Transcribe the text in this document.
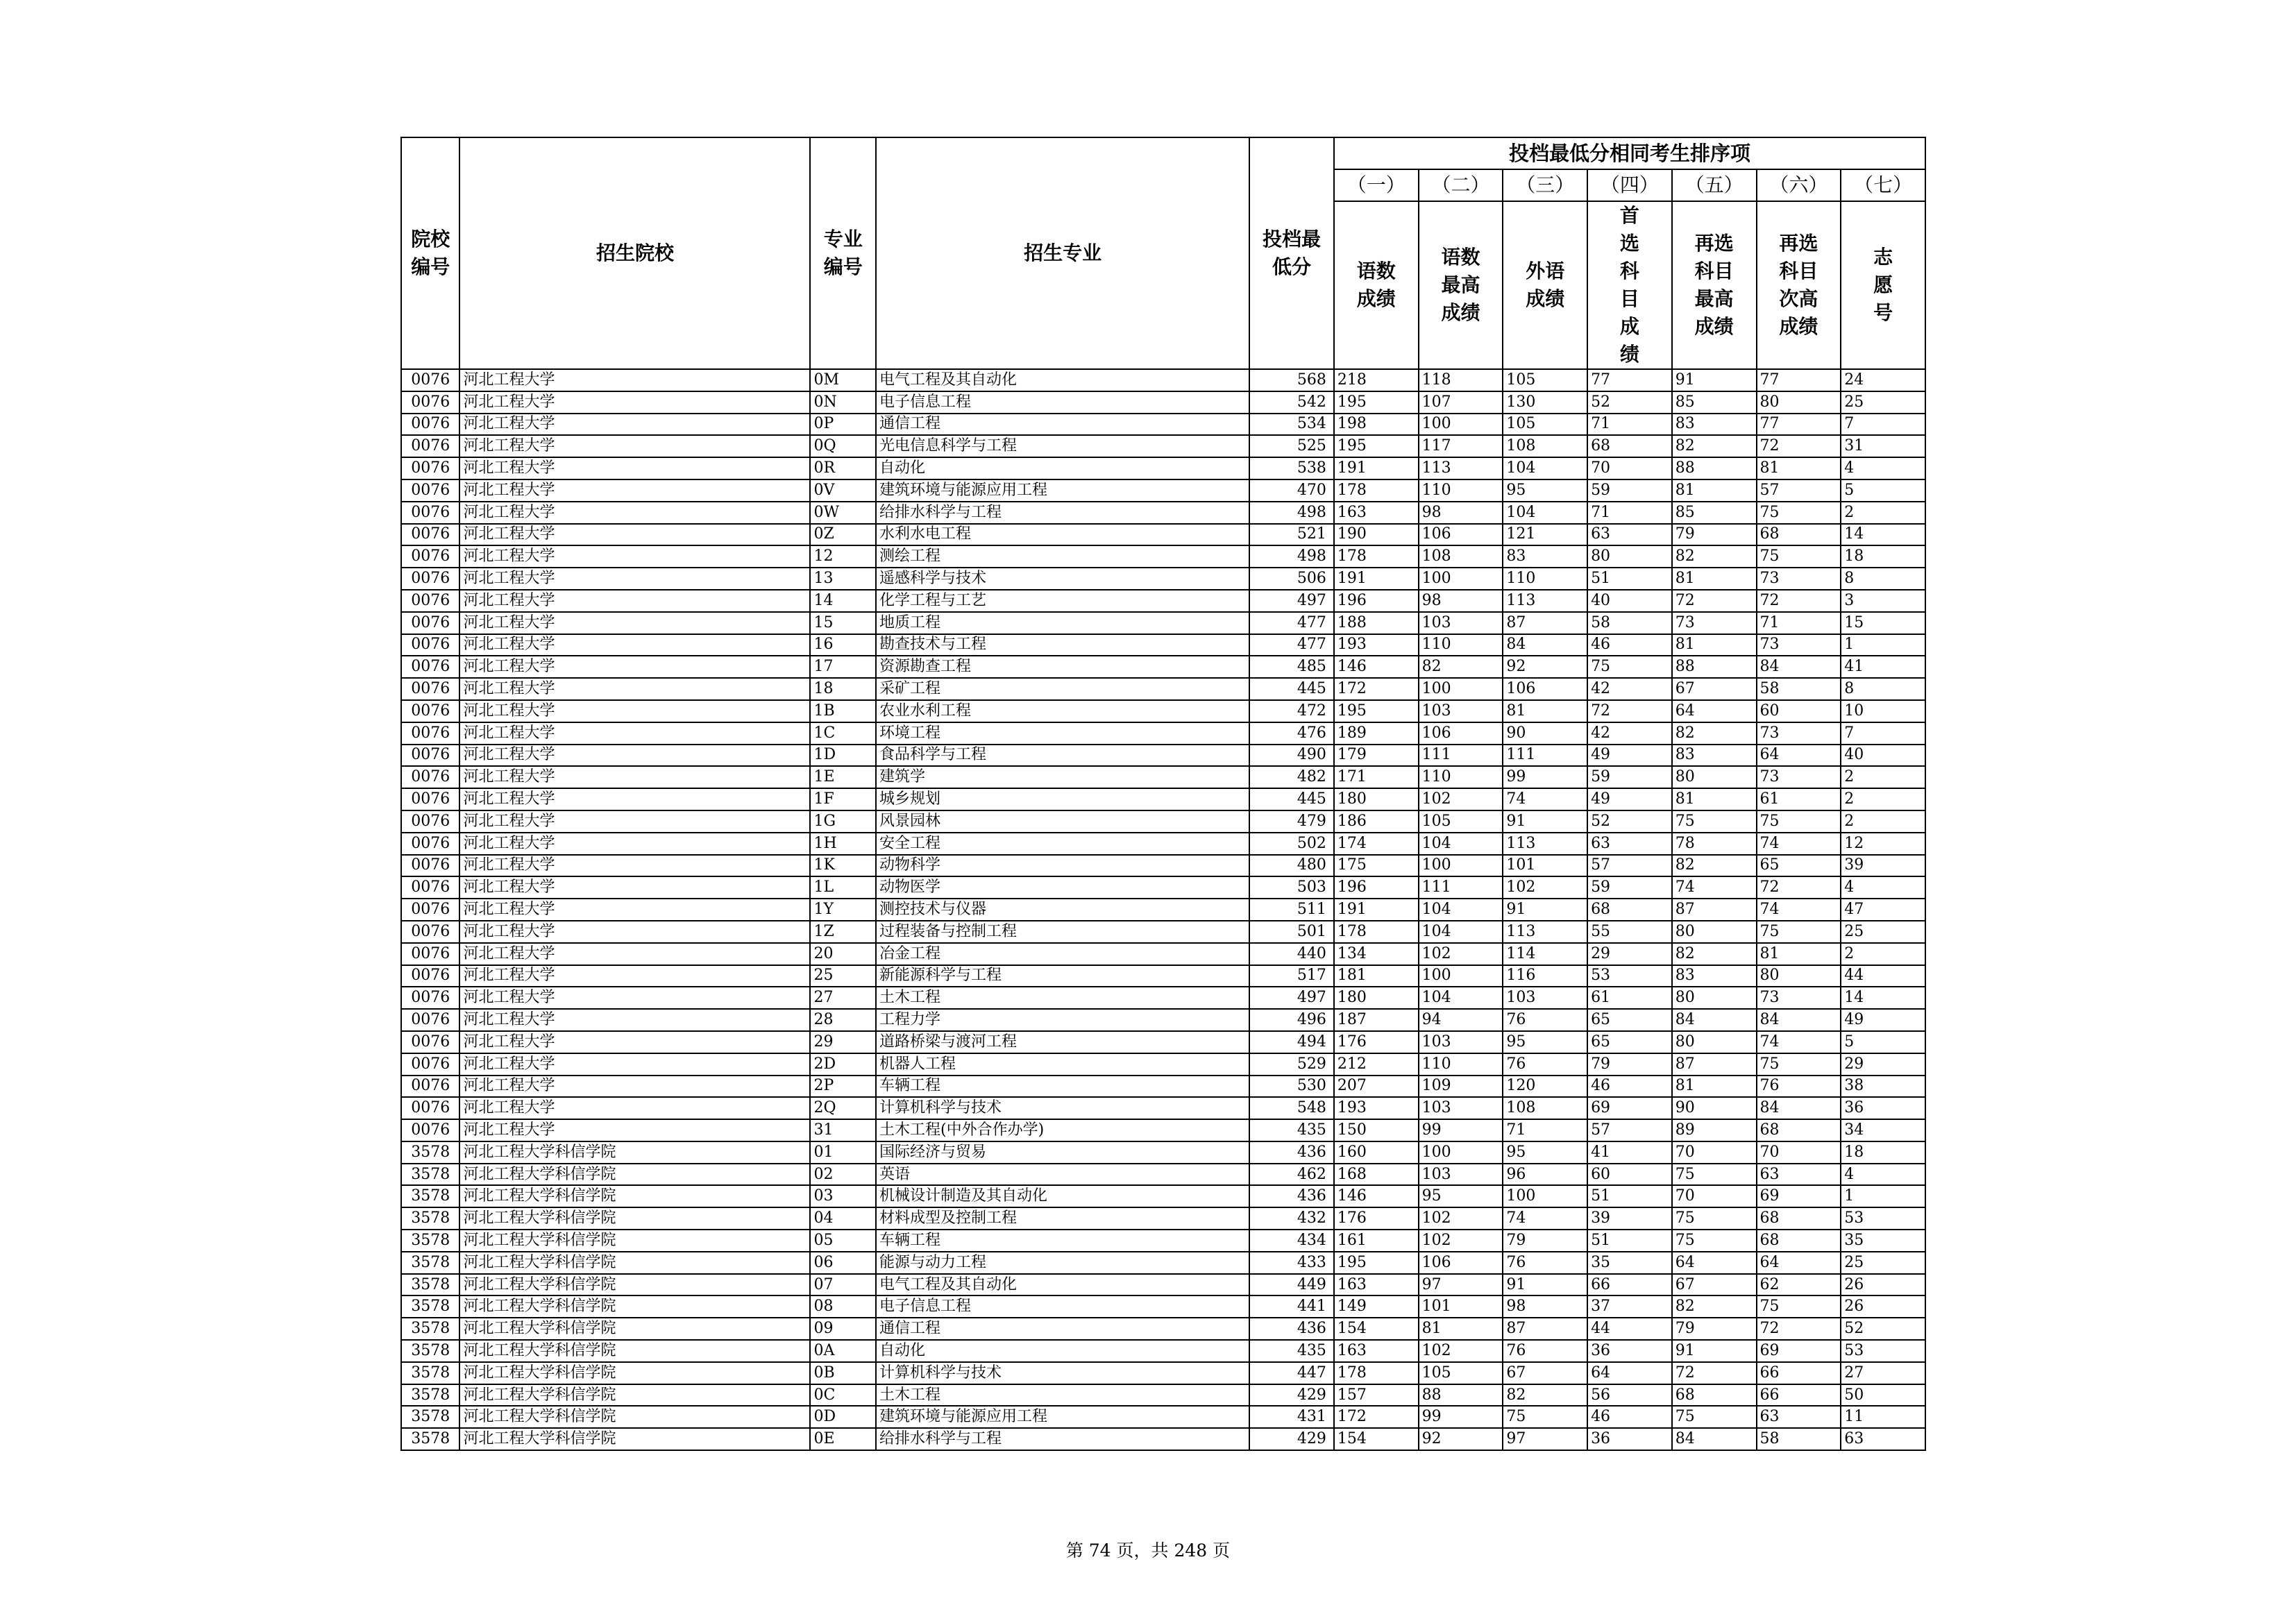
院校编号	招生院校	专业编号	招生专业	投档最低分	投档最低分相同考生排序项						
					（一）	（二）	（三）	（四）	（五）	（六）	（七）
					语数成绩	语数最高成绩	外语成绩	首选科目成绩	再选科目最高成绩	再选科目次高成绩	志愿号
0076	河北工程大学	0M	电气工程及其自动化	568	218	118	105	77	91	77	24
0076	河北工程大学	0N	电子信息工程	542	195	107	130	52	85	80	25
0076	河北工程大学	0P	通信工程	534	198	100	105	71	83	77	7
0076	河北工程大学	0Q	光电信息科学与工程	525	195	117	108	68	82	72	31
0076	河北工程大学	0R	自动化	538	191	113	104	70	88	81	4
0076	河北工程大学	0V	建筑环境与能源应用工程	470	178	110	95	59	81	57	5
0076	河北工程大学	0W	给排水科学与工程	498	163	98	104	71	85	75	2
0076	河北工程大学	0Z	水利水电工程	521	190	106	121	63	79	68	14
0076	河北工程大学	12	测绘工程	498	178	108	83	80	82	75	18
0076	河北工程大学	13	遥感科学与技术	506	191	100	110	51	81	73	8
0076	河北工程大学	14	化学工程与工艺	497	196	98	113	40	72	72	3
0076	河北工程大学	15	地质工程	477	188	103	87	58	73	71	15
0076	河北工程大学	16	勘查技术与工程	477	193	110	84	46	81	73	1
0076	河北工程大学	17	资源勘查工程	485	146	82	92	75	88	84	41
0076	河北工程大学	18	采矿工程	445	172	100	106	42	67	58	8
0076	河北工程大学	1B	农业水利工程	472	195	103	81	72	64	60	10
0076	河北工程大学	1C	环境工程	476	189	106	90	42	82	73	7
0076	河北工程大学	1D	食品科学与工程	490	179	111	111	49	83	64	40
0076	河北工程大学	1E	建筑学	482	171	110	99	59	80	73	2
0076	河北工程大学	1F	城乡规划	445	180	102	74	49	81	61	2
0076	河北工程大学	1G	风景园林	479	186	105	91	52	75	75	2
0076	河北工程大学	1H	安全工程	502	174	104	113	63	78	74	12
0076	河北工程大学	1K	动物科学	480	175	100	101	57	82	65	39
0076	河北工程大学	1L	动物医学	503	196	111	102	59	74	72	4
0076	河北工程大学	1Y	测控技术与仪器	511	191	104	91	68	87	74	47
0076	河北工程大学	1Z	过程装备与控制工程	501	178	104	113	55	80	75	25
0076	河北工程大学	20	冶金工程	440	134	102	114	29	82	81	2
0076	河北工程大学	25	新能源科学与工程	517	181	100	116	53	83	80	44
0076	河北工程大学	27	土木工程	497	180	104	103	61	80	73	14
0076	河北工程大学	28	工程力学	496	187	94	76	65	84	84	49
0076	河北工程大学	29	道路桥梁与渡河工程	494	176	103	95	65	80	74	5
0076	河北工程大学	2D	机器人工程	529	212	110	76	79	87	75	29
0076	河北工程大学	2P	车辆工程	530	207	109	120	46	81	76	38
0076	河北工程大学	2Q	计算机科学与技术	548	193	103	108	69	90	84	36
0076	河北工程大学	31	土木工程(中外合作办学)	435	150	99	71	57	89	68	34
3578	河北工程大学科信学院	01	国际经济与贸易	436	160	100	95	41	70	70	18
3578	河北工程大学科信学院	02	英语	462	168	103	96	60	75	63	4
3578	河北工程大学科信学院	03	机械设计制造及其自动化	436	146	95	100	51	70	69	1
3578	河北工程大学科信学院	04	材料成型及控制工程	432	176	102	74	39	75	68	53
3578	河北工程大学科信学院	05	车辆工程	434	161	102	79	51	75	68	35
3578	河北工程大学科信学院	06	能源与动力工程	433	195	106	76	35	64	64	25
3578	河北工程大学科信学院	07	电气工程及其自动化	449	163	97	91	66	67	62	26
3578	河北工程大学科信学院	08	电子信息工程	441	149	101	98	37	82	75	26
3578	河北工程大学科信学院	09	通信工程	436	154	81	87	44	79	72	52
3578	河北工程大学科信学院	0A	自动化	435	163	102	76	36	91	69	53
3578	河北工程大学科信学院	0B	计算机科学与技术	447	178	105	67	64	72	66	27
3578	河北工程大学科信学院	0C	土木工程	429	157	88	82	56	68	66	50
3578	河北工程大学科信学院	0D	建筑环境与能源应用工程	431	172	99	75	46	75	63	11
3578	河北工程大学科信学院	0E	给排水科学与工程	429	154	92	97	36	84	58	63
第 74 页，共 248 页
